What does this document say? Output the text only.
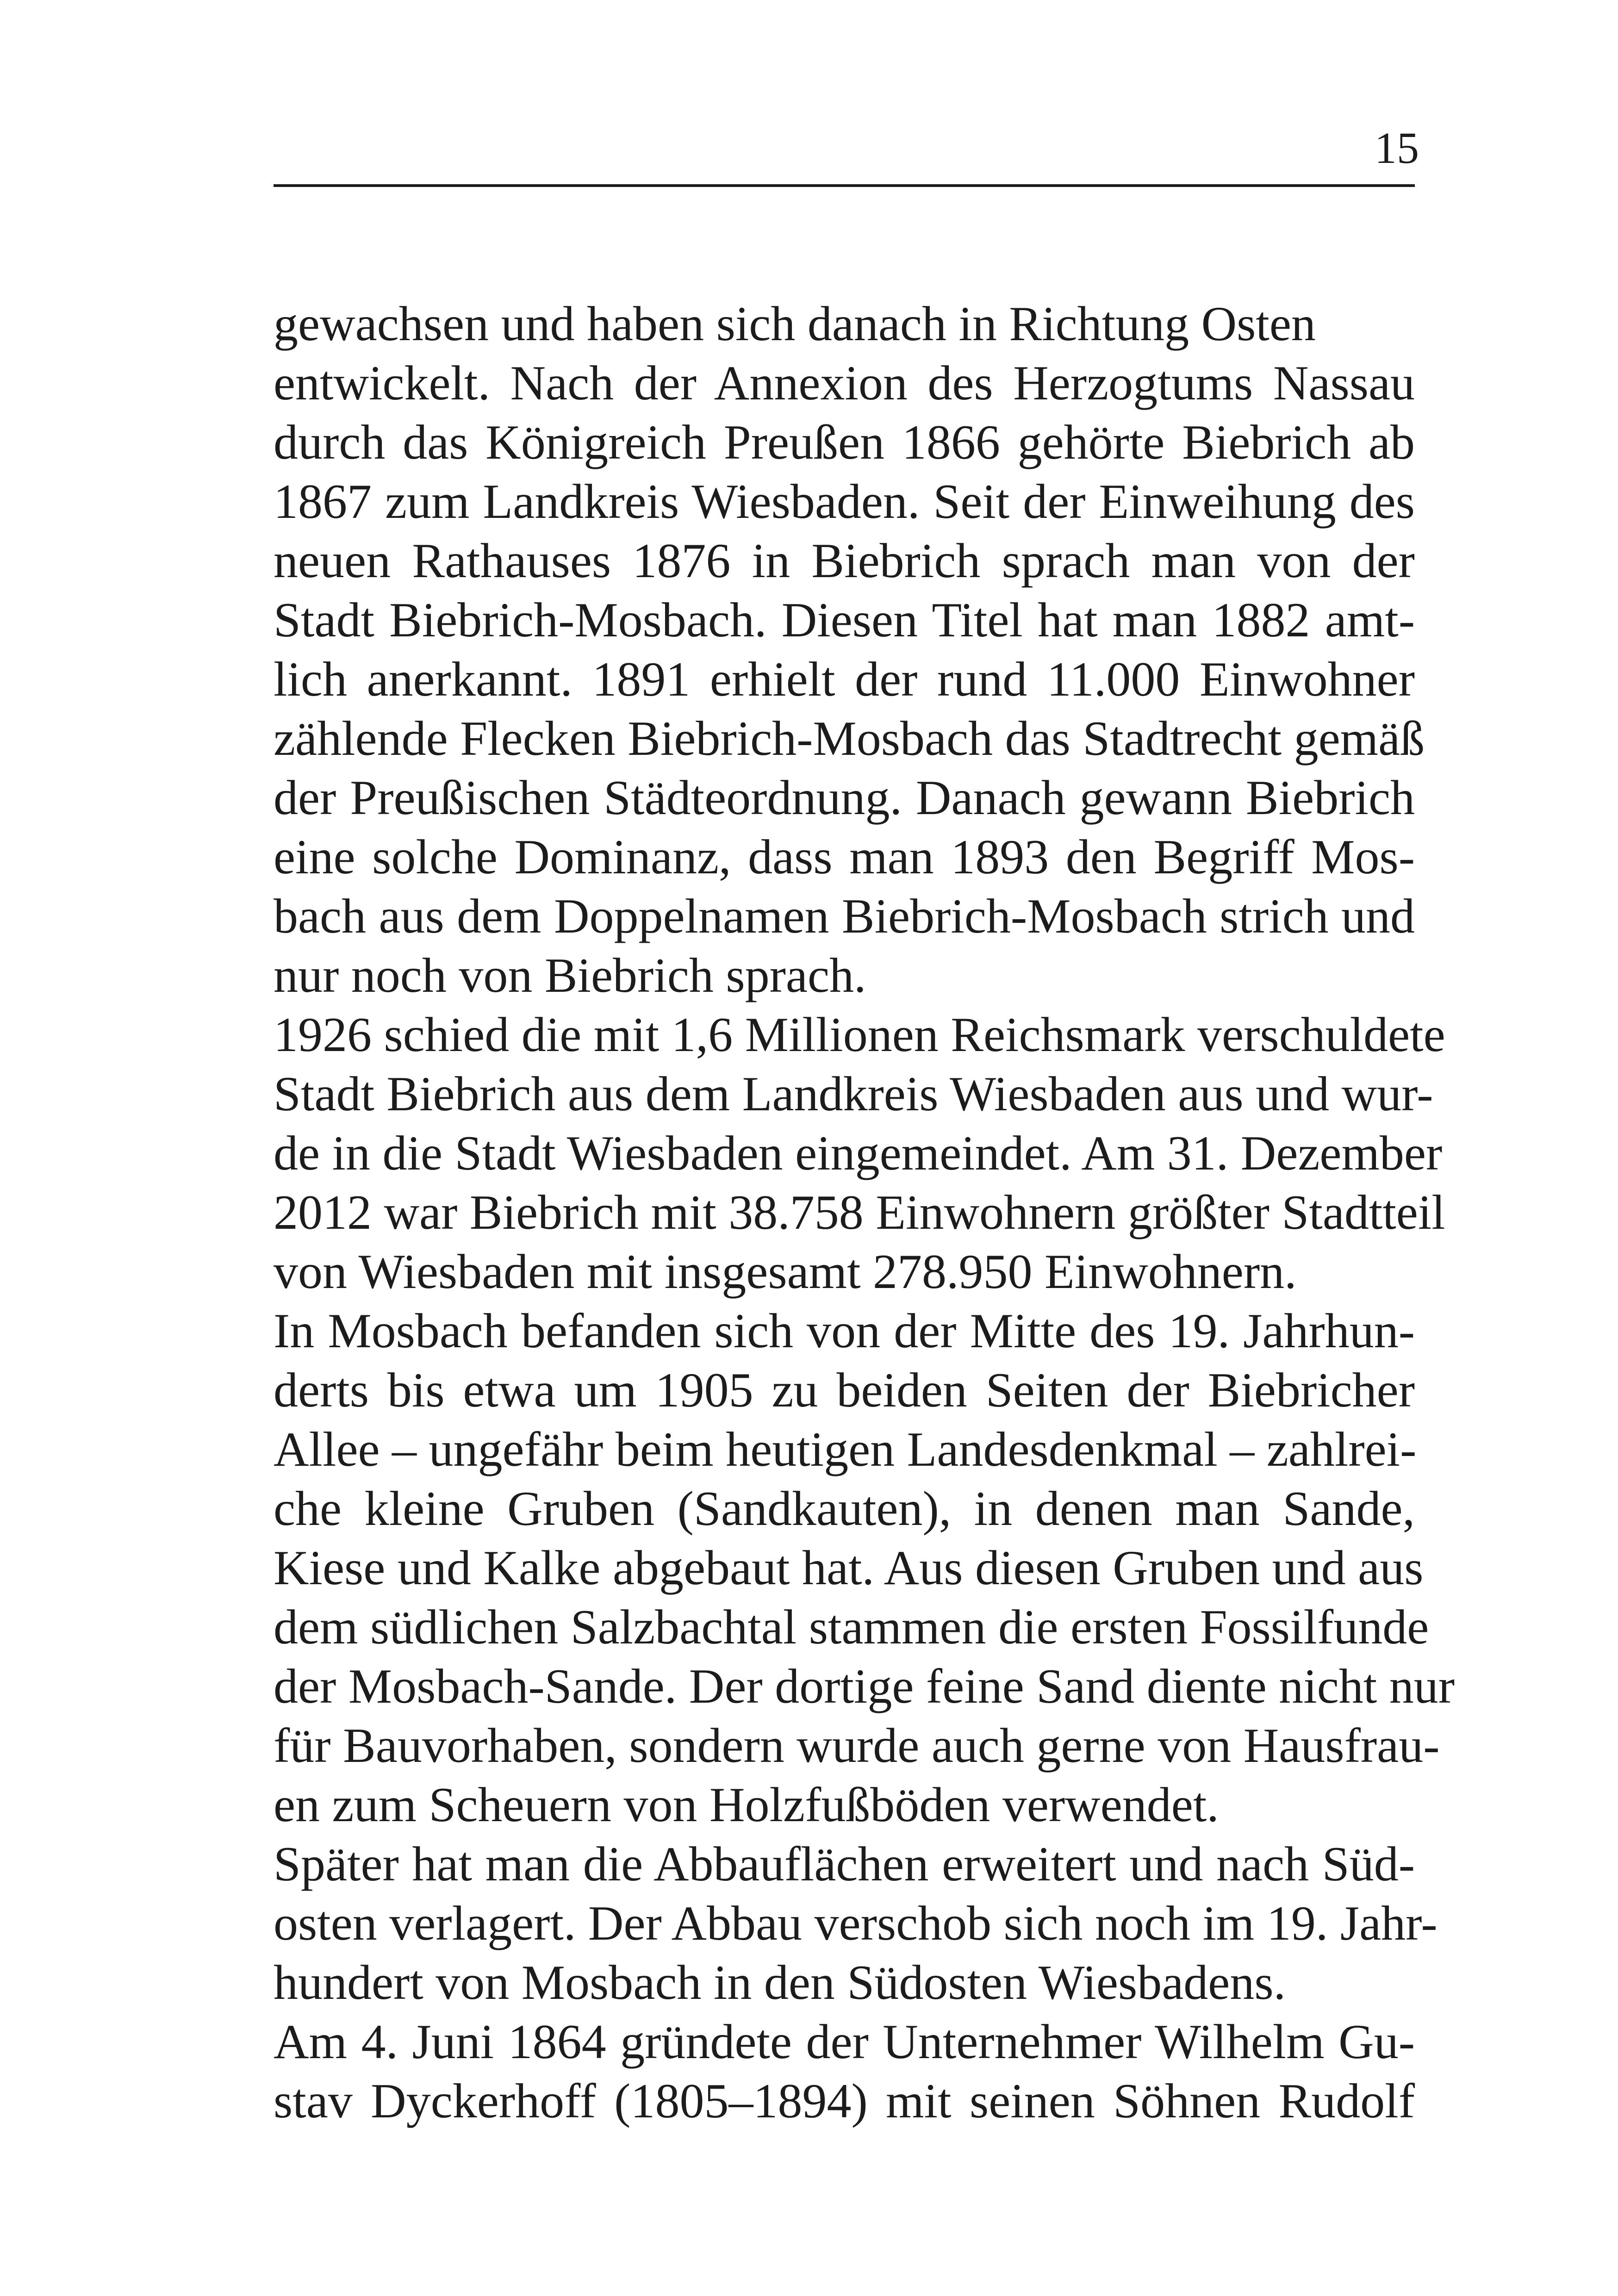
15
gewachsen und haben sich danach in Richtung Osten
entwickelt. Nach der Annexion des Herzogtums Nassau
durch das Königreich Preußen 1866 gehörte Biebrich ab
1867 zum Landkreis Wiesbaden. Seit der Einweihung des
neuen Rathauses 1876 in Biebrich sprach man von der
Stadt Biebrich-Mosbach. Diesen Titel hat man 1882 amt-
lich anerkannt. 1891 erhielt der rund 11.000 Einwohner
zählende Flecken Biebrich-Mosbach das Stadtrecht gemäß
der Preußischen Städteordnung. Danach gewann Biebrich
eine solche Dominanz, dass man 1893 den Begriff Mos-
bach aus dem Doppelnamen Biebrich-Mosbach strich und
nur noch von Biebrich sprach.
1926 schied die mit 1,6 Millionen Reichsmark verschuldete
Stadt Biebrich aus dem Landkreis Wiesbaden aus und wur-
de in die Stadt Wiesbaden eingemeindet. Am 31. Dezember
2012 war Biebrich mit 38.758 Einwohnern größter Stadtteil
von Wiesbaden mit insgesamt 278.950 Einwohnern.
In Mosbach befanden sich von der Mitte des 19. Jahrhun-
derts bis etwa um 1905 zu beiden Seiten der Biebricher
Allee – ungefähr beim heutigen Landesdenkmal – zahlrei-
che kleine Gruben (Sandkauten), in denen man Sande,
Kiese und Kalke abgebaut hat. Aus diesen Gruben und aus
dem südlichen Salzbachtal stammen die ersten Fossilfunde
der Mosbach-Sande. Der dortige feine Sand diente nicht nur
für Bauvorhaben, sondern wurde auch gerne von Hausfrau-
en zum Scheuern von Holzfußböden verwendet.
Später hat man die Abbauflächen erweitert und nach Süd-
osten verlagert. Der Abbau verschob sich noch im 19. Jahr-
hundert von Mosbach in den Südosten Wiesbadens.
Am 4. Juni 1864 gründete der Unternehmer Wilhelm Gu-
stav Dyckerhoff (1805–1894) mit seinen Söhnen Rudolf
